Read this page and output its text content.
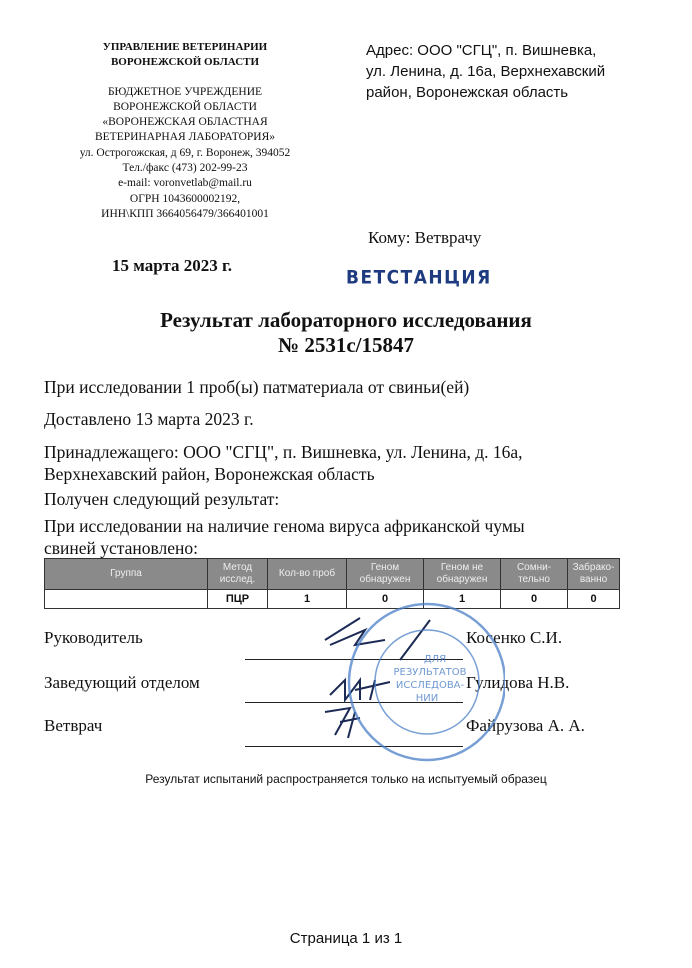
УПРАВЛЕНИЕ ВЕТЕРИНАРИИ
ВОРОНЕЖСКОЙ ОБЛАСТИ
БЮДЖЕТНОЕ УЧРЕЖДЕНИЕ
ВОРОНЕЖСКОЙ ОБЛАСТИ
«ВОРОНЕЖСКАЯ ОБЛАСТНАЯ
ВЕТЕРИНАРНАЯ ЛАБОРАТОРИЯ»
ул. Острогожская, д 69, г. Воронеж, 394052
Тел./факс (473) 202-99-23
e-mail: voronvetlab@mail.ru
ОГРН 1043600002192,
ИНН\КПП 3664056479/366401001
Адрес: ООО "СГЦ", п. Вишневка,
ул. Ленина, д. 16а, Верхнехавский
район, Воронежская область
Кому: Ветврачу
15 марта 2023 г.
ВЕТСТАНЦИЯ
Результат лабораторного исследования
№ 2531с/15847
При исследовании 1 проб(ы) патматериала от свиньи(ей)
Доставлено 13 марта 2023 г.
Принадлежащего: ООО "СГЦ", п. Вишневка, ул. Ленина, д. 16а,
Верхнехавский район, Воронежская область
Получен следующий результат:
При исследовании на наличие генома вируса африканской чумы
свиней установлено:
Группа	Метод исслед.	Кол-во проб	Геном обнаружен	Геном не обнаружен	Сомни-тельно	Забрако-ванно
	ПЦР	1	0	1	0	0
Руководитель	Косенко С.И.
Заведующий отделом	Гулидова Н.В.
Ветврач	Файрузова А. А.
ДЛЯ
РЕЗУЛЬТАТОВ
ИССЛЕДОВА-
НИИ
Результат испытаний распространяется только на испытуемый образец
Страница 1 из 1
